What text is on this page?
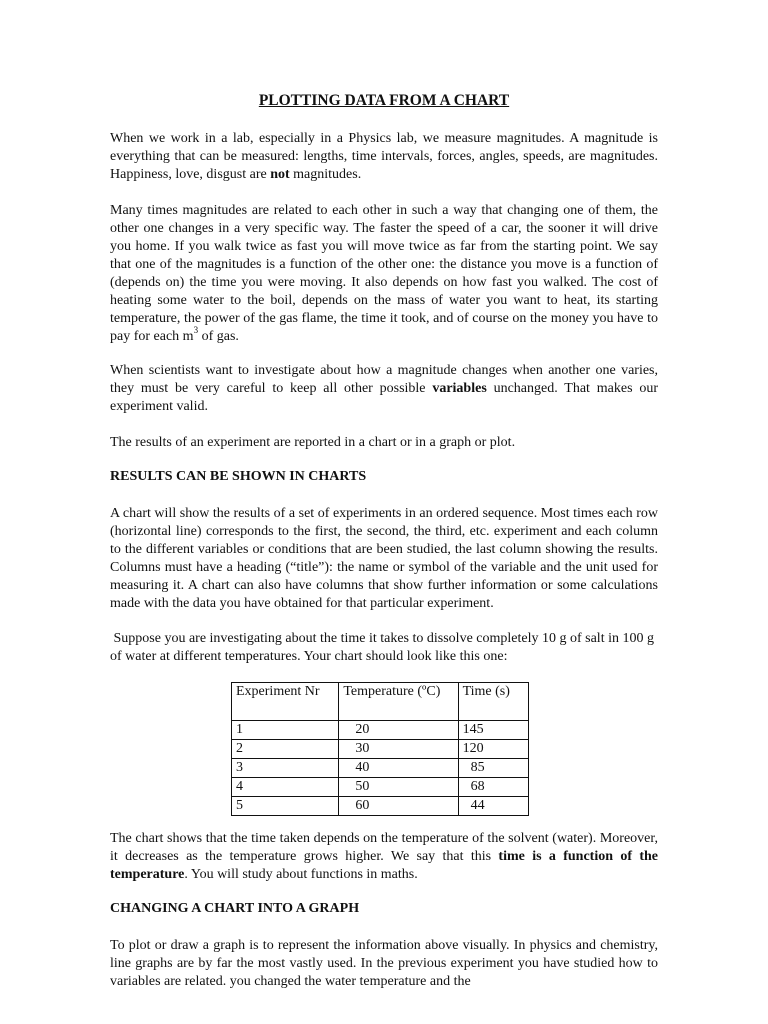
PLOTTING DATA FROM A CHART

When we work in a lab, especially in a Physics lab, we measure magnitudes. A magnitude is everything that can be measured: lengths, time intervals, forces, angles, speeds, are magnitudes. Happiness, love, disgust are not magnitudes.

Many times magnitudes are related to each other in such a way that changing one of them, the other one changes in a very specific way. The faster the speed of a car, the sooner it will drive you home. If you walk twice as fast you will move twice as far from the starting point. We say that one of the magnitudes is a function of the other one: the distance you move is a function of (depends on) the time you were moving. It also depends on how fast you walked. The cost of heating some water to the boil, depends on the mass of water you want to heat, its starting temperature, the power of the gas flame, the time it took, and of course on the money you have to pay for each $m^3$ of gas.

When scientists want to investigate about how a magnitude changes when another one varies, they must be very careful to keep all other possible variables unchanged. That makes our experiment valid.

The results of an experiment are reported in a chart or in a graph or plot.

RESULTS CAN BE SHOWN IN CHARTS

A chart will show the results of a set of experiments in an ordered sequence. Most times each row (horizontal line) corresponds to the first, the second, the third, etc. experiment and each column to the different variables or conditions that are been studied, the last column showing the results. Columns must have a heading (“title”): the name or symbol of the variable and the unit used for measuring it. A chart can also have columns that show further information or some calculations made with the data you have obtained for that particular experiment.

Suppose you are investigating about the time it takes to dissolve completely 10 g of salt in 100 g of water at different temperatures. Your chart should look like this one:

Experiment Nr	Temperature (ºC)	Time (s)
1	20	145
2	30	120
3	40	85
4	50	68
5	60	44

The chart shows that the time taken depends on the temperature of the solvent (water). Moreover, it decreases as the temperature grows higher. We say that this time is a function of the temperature. You will study about functions in maths.

CHANGING A CHART INTO A GRAPH

To plot or draw a graph is to represent the information above visually. In physics and chemistry, line graphs are by far the most vastly used. In the previous experiment you have studied how to variables are related. you changed the water temperature and the
